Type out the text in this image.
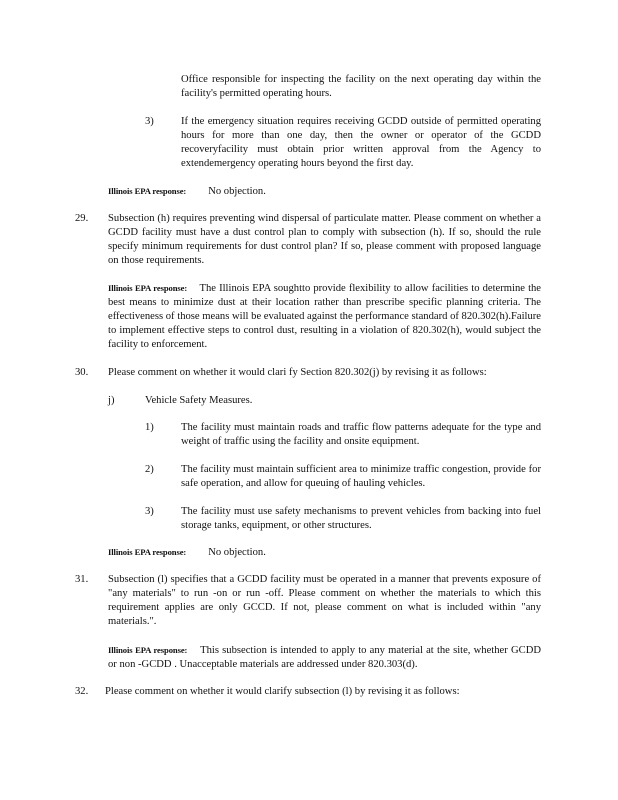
Office responsible for inspecting the facility on the next operating day within the facility's permitted operating hours.
3)	If the emergency situation requires receiving GCDD outside of permitted operating hours for more than one day, then the owner or operator of the GCDD recoveryfacility must obtain prior written approval from the Agency to extendemergency operating hours beyond the first day.
Illinois EPA response: No objection.
29. Subsection (h) requires preventing wind dispersal of particulate matter. Please comment on whether a GCDD facility must have a dust control plan to comply with subsection (h). If so, should the rule specify minimum requirements for dust control plan? If so, please comment with proposed language on those requirements.
Illinois EPA response: The Illinois EPA soughtto provide flexibility to allow facilities to determine the best means to minimize dust at their location rather than prescribe specific planning criteria. The effectiveness of those means will be evaluated against the performance standard of 820.302(h).Failure to implement effective steps to control dust, resulting in a violation of 820.302(h), would subject the facility to enforcement.
30. Please comment on whether it would clari fy Section 820.302(j) by revising it as follows:
j)	Vehicle Safety Measures.
1)	The facility must maintain roads and traffic flow patterns adequate for the type and weight of traffic using the facility and onsite equipment.
2)	The facility must maintain sufficient area to minimize traffic congestion, provide for safe operation, and allow for queuing of hauling vehicles.
3)	The facility must use safety mechanisms to prevent vehicles from backing into fuel storage tanks, equipment, or other structures.
Illinois EPA response: No objection.
31. Subsection (l) specifies that a GCDD facility must be operated in a manner that prevents exposure of "any materials" to run -on or run -off. Please comment on whether the materials to which this requirement applies are only GCCD. If not, please comment on what is included within "any materials.".
Illinois EPA response: This subsection is intended to apply to any material at the site, whether GCDD or non -GCDD . Unacceptable materials are addressed under 820.303(d).
32. Please comment on whether it would clarify subsection (l) by revising it as follows:
